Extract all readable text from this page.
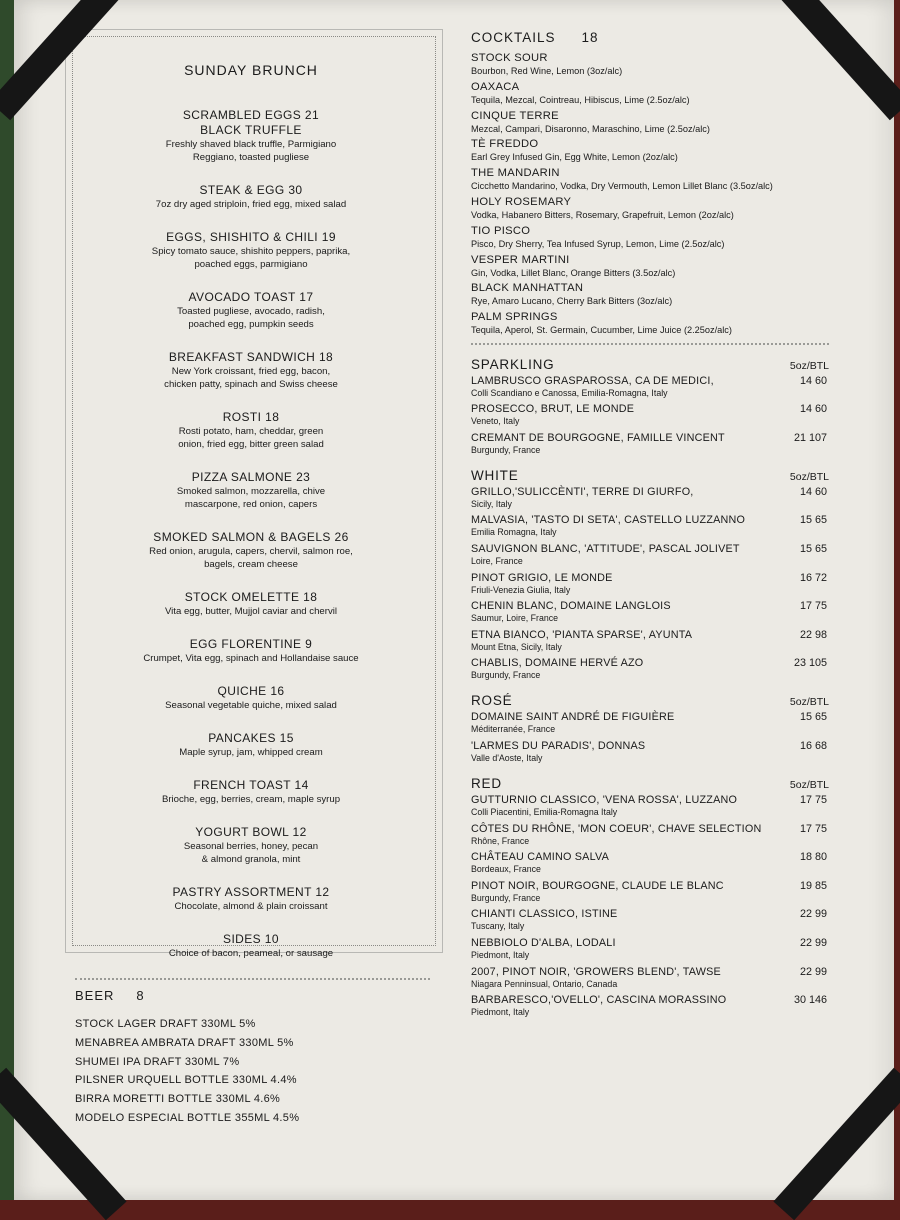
SUNDAY BRUNCH
SCRAMBLED EGGS 21
BLACK TRUFFLE
Freshly shaved black truffle, Parmigiano
Reggiano, toasted pugliese
STEAK & EGG 30
7oz dry aged striploin, fried egg, mixed salad
EGGS, SHISHITO & CHILI 19
Spicy tomato sauce, shishito peppers, paprika,
poached eggs, parmigiano
AVOCADO TOAST 17
Toasted pugliese, avocado, radish,
poached egg, pumpkin seeds
BREAKFAST SANDWICH 18
New York croissant, fried egg, bacon,
chicken patty, spinach and Swiss cheese
ROSTI 18
Rosti potato, ham, cheddar, green
onion, fried egg, bitter green salad
PIZZA SALMONE 23
Smoked salmon, mozzarella, chive
mascarpone, red onion, capers
SMOKED SALMON & BAGELS 26
Red onion, arugula, capers, chervil, salmon roe,
bagels, cream cheese
STOCK OMELETTE 18
Vita egg, butter, Mujjol caviar and chervil
EGG FLORENTINE 9
Crumpet, Vita egg, spinach and Hollandaise sauce
QUICHE 16
Seasonal vegetable quiche, mixed salad
PANCAKES 15
Maple syrup, jam, whipped cream
FRENCH TOAST 14
Brioche, egg, berries, cream, maple syrup
YOGURT BOWL 12
Seasonal berries, honey, pecan
& almond granola, mint
PASTRY ASSORTMENT 12
Chocolate, almond & plain croissant
SIDES 10
Choice of bacon, peameal, or sausage
BEER 8
STOCK LAGER DRAFT 330ML 5%
MENABREA AMBRATA DRAFT 330ML 5%
SHUMEI IPA DRAFT 330ML 7%
PILSNER URQUELL BOTTLE 330ML 4.4%
BIRRA MORETTI BOTTLE 330ML 4.6%
MODELO ESPECIAL BOTTLE 355ML 4.5%
COCKTAILS 18
STOCK SOUR
Bourbon, Red Wine, Lemon (3oz/alc)
OAXACA
Tequila, Mezcal, Cointreau, Hibiscus, Lime (2.5oz/alc)
CINQUE TERRE
Mezcal, Campari, Disaronno, Maraschino, Lime (2.5oz/alc)
TÈ FREDDO
Earl Grey Infused Gin, Egg White, Lemon (2oz/alc)
THE MANDARIN
Cicchetto Mandarino, Vodka, Dry Vermouth, Lemon Lillet Blanc (3.5oz/alc)
HOLY ROSEMARY
Vodka, Habanero Bitters, Rosemary, Grapefruit, Lemon (2oz/alc)
TIO PISCO
Pisco, Dry Sherry, Tea Infused Syrup, Lemon, Lime (2.5oz/alc)
VESPER MARTINI
Gin, Vodka, Lillet Blanc, Orange Bitters (3.5oz/alc)
BLACK MANHATTAN
Rye, Amaro Lucano, Cherry Bark Bitters (3oz/alc)
PALM SPRINGS
Tequila, Aperol, St. Germain, Cucumber, Lime Juice (2.25oz/alc)
SPARKLING	5oz/BTL
LAMBRUSCO GRASPAROSSA, CA DE MEDICI,
Colli Scandiano e Canossa, Emilia-Romagna, Italy
14 60
PROSECCO, BRUT, LE MONDE
Veneto, Italy
14 60
CREMANT DE BOURGOGNE, FAMILLE VINCENT
Burgundy, France
21 107
WHITE	5oz/BTL
GRILLO,'SULICCÈNTI', TERRE DI GIURFO,
Sicily, Italy
14 60
MALVASIA, 'TASTO DI SETA', CASTELLO LUZZANNO
Emilia Romagna, Italy
15 65
SAUVIGNON BLANC, 'ATTITUDE', PASCAL JOLIVET
Loire, France
15 65
PINOT GRIGIO, LE MONDE
Friuli-Venezia Giulia, Italy
16 72
CHENIN BLANC, DOMAINE LANGLOIS
Saumur, Loire, France
17 75
ETNA BIANCO, 'PIANTA SPARSE', AYUNTA
Mount Etna, Sicily, Italy
22 98
CHABLIS, DOMAINE HERVÉ AZO
Burgundy, France
23 105
ROSÉ	5oz/BTL
DOMAINE SAINT ANDRÉ DE FIGUIÈRE
Méditerranée, France
15 65
'LARMES DU PARADIS', DONNAS
Valle d'Aoste, Italy
16 68
RED	5oz/BTL
GUTTURNIO CLASSICO, 'VENA ROSSA', LUZZANO
Colli Piacentini, Emilia-Romagna Italy
17 75
CÔTES DU RHÔNE, 'MON COEUR', CHAVE SELECTION
Rhône, France
17 75
CHÂTEAU CAMINO SALVA
Bordeaux, France
18 80
PINOT NOIR, BOURGOGNE, CLAUDE LE BLANC
Burgundy, France
19 85
CHIANTI CLASSICO, ISTINE
Tuscany, Italy
22 99
NEBBIOLO D'ALBA, LODALI
Piedmont, Italy
22 99
2007, PINOT NOIR, 'GROWERS BLEND', TAWSE
Niagara Penninsual, Ontario, Canada
22 99
BARBARESCO,'OVELLO', CASCINA MORASSINO
Piedmont, Italy
30 146
